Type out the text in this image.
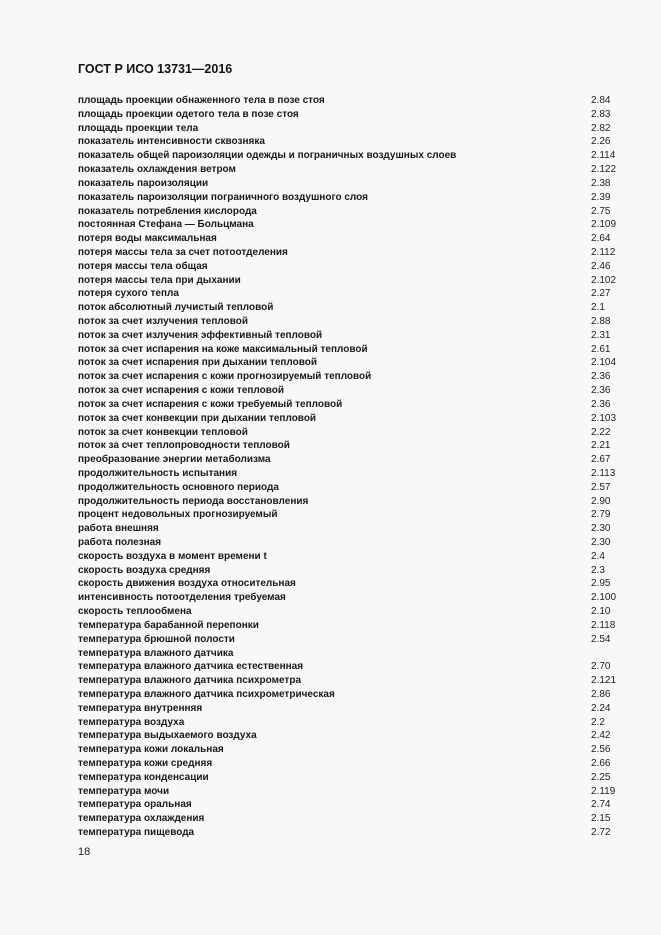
ГОСТ Р ИСО 13731—2016
площадь проекции обнаженного тела в позе стоя	2.84
площадь проекции одетого тела в позе стоя	2.83
площадь проекции тела	2.82
показатель интенсивности сквозняка	2.26
показатель общей пароизоляции одежды и пограничных воздушных слоев	2.114
показатель охлаждения ветром	2.122
показатель пароизоляции	2.38
показатель пароизоляции пограничного воздушного слоя	2.39
показатель потребления кислорода	2.75
постоянная Стефана — Больцмана	2.109
потеря воды максимальная	2.64
потеря массы тела за счет потоотделения	2.112
потеря массы тела общая	2.46
потеря массы тела при дыхании	2.102
потеря сухого тепла	2.27
поток абсолютный лучистый тепловой	2.1
поток за счет излучения тепловой	2.88
поток за счет излучения эффективный тепловой	2.31
поток за счет испарения на коже максимальный тепловой	2.61
поток за счет испарения при дыхании тепловой	2.104
поток за счет испарения с кожи прогнозируемый тепловой	2.36
поток за счет испарения с кожи тепловой	2.36
поток за счет испарения с кожи требуемый тепловой	2.36
поток за счет конвекции при дыхании тепловой	2.103
поток за счет конвекции тепловой	2.22
поток за счет теплопроводности тепловой	2.21
преобразование энергии метаболизма	2.67
продолжительность испытания	2.113
продолжительность основного периода	2.57
продолжительность периода восстановления	2.90
процент недовольных прогнозируемый	2.79
работа внешняя	2.30
работа полезная	2.30
скорость воздуха в момент времени t	2.4
скорость воздуха средняя	2.3
скорость движения воздуха относительная	2.95
интенсивность потоотделения требуемая	2.100
скорость теплообмена	2.10
температура барабанной перепонки	2.118
температура брюшной полости	2.54
температура влажного датчика
температура влажного датчика естественная	2.70
температура влажного датчика психрометра	2.121
температура влажного датчика психрометрическая	2.86
температура внутренняя	2.24
температура воздуха	2.2
температура выдыхаемого воздуха	2.42
температура кожи локальная	2.56
температура кожи средняя	2.66
температура конденсации	2.25
температура мочи	2.119
температура оральная	2.74
температура охлаждения	2.15
температура пищевода	2.72
18
